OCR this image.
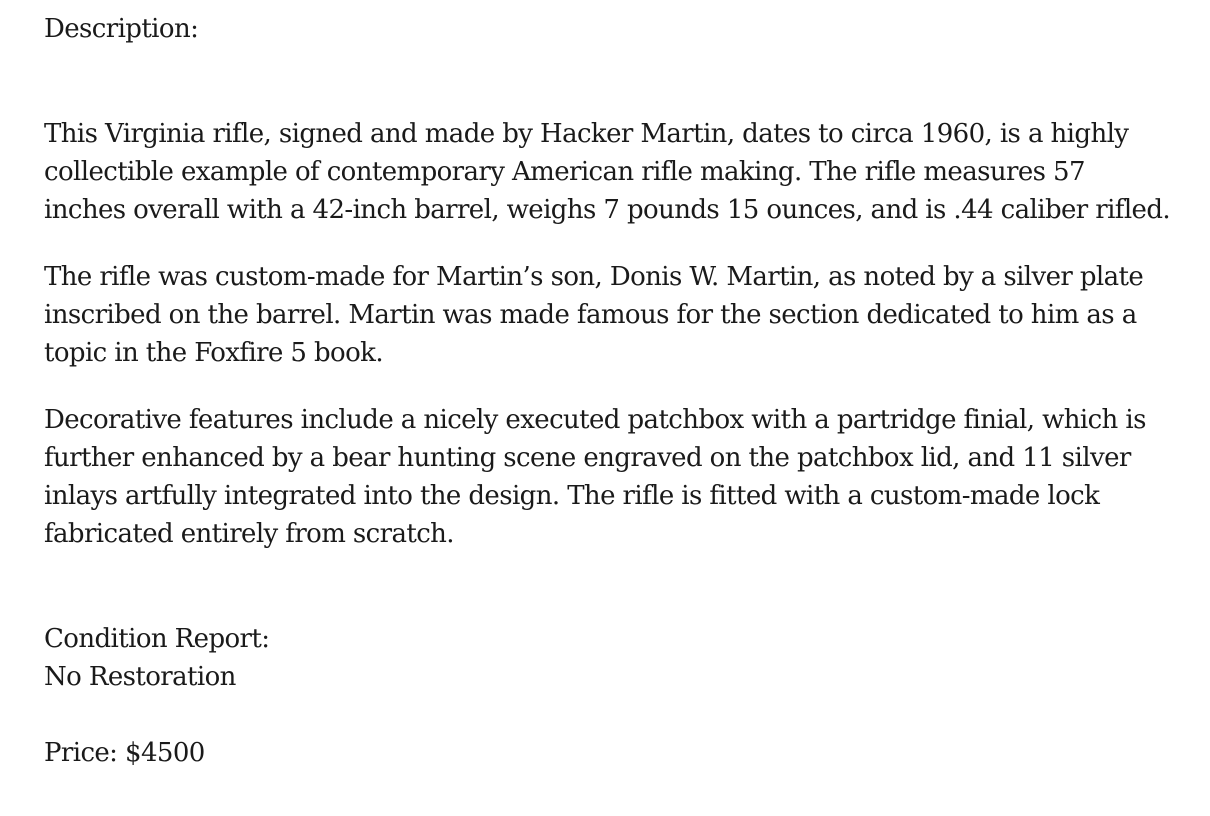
Description:

This Virginia rifle, signed and made by Hacker Martin, dates to circa 1960, is a highly collectible example of contemporary American rifle making. The rifle measures 57 inches overall with a 42-inch barrel, weighs 7 pounds 15 ounces, and is .44 caliber rifled.

The rifle was custom-made for Martin’s son, Donis W. Martin, as noted by a silver plate inscribed on the barrel. Martin was made famous for the section dedicated to him as a topic in the Foxfire 5 book.

Decorative features include a nicely executed patchbox with a partridge finial, which is further enhanced by a bear hunting scene engraved on the patchbox lid, and 11 silver inlays artfully integrated into the design. The rifle is fitted with a custom-made lock fabricated entirely from scratch.

Condition Report:
No Restoration

Price: $4500
